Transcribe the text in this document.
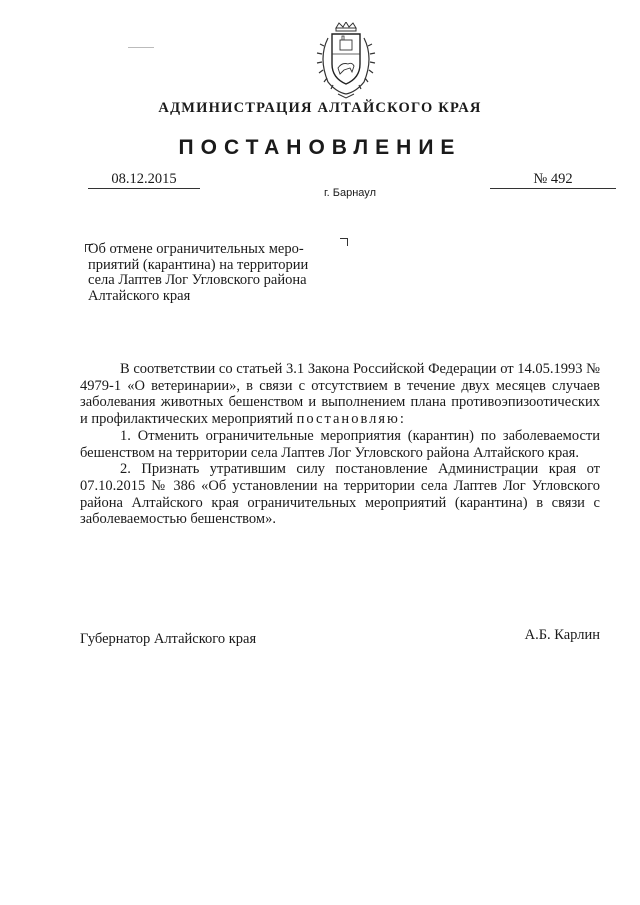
АДМИНИСТРАЦИЯ АЛТАЙСКОГО КРАЯ
ПОСТАНОВЛЕНИЕ
08.12.2015	№ 492
г. Барнаул
Об отмене ограничительных меро-
приятий (карантина) на территории
села Лаптев Лог Угловского района
Алтайского края

В соответствии со статьей 3.1 Закона Российской Федерации от 14.05.1993 № 4979-1 «О ветеринарии», в связи с отсутствием в течение двух месяцев случаев заболевания животных бешенством и выполнением плана противоэпизоотических и профилактических мероприятий постановляю:

1. Отменить ограничительные мероприятия (карантин) по заболеваемости бешенством на территории села Лаптев Лог Угловского района Алтайского края.

2. Признать утратившим силу постановление Администрации края от 07.10.2015 № 386 «Об установлении на территории села Лаптев Лог Угловского района Алтайского края ограничительных мероприятий (карантина) в связи с заболеваемостью бешенством».

Губернатор Алтайского края	А.Б. Карлин
